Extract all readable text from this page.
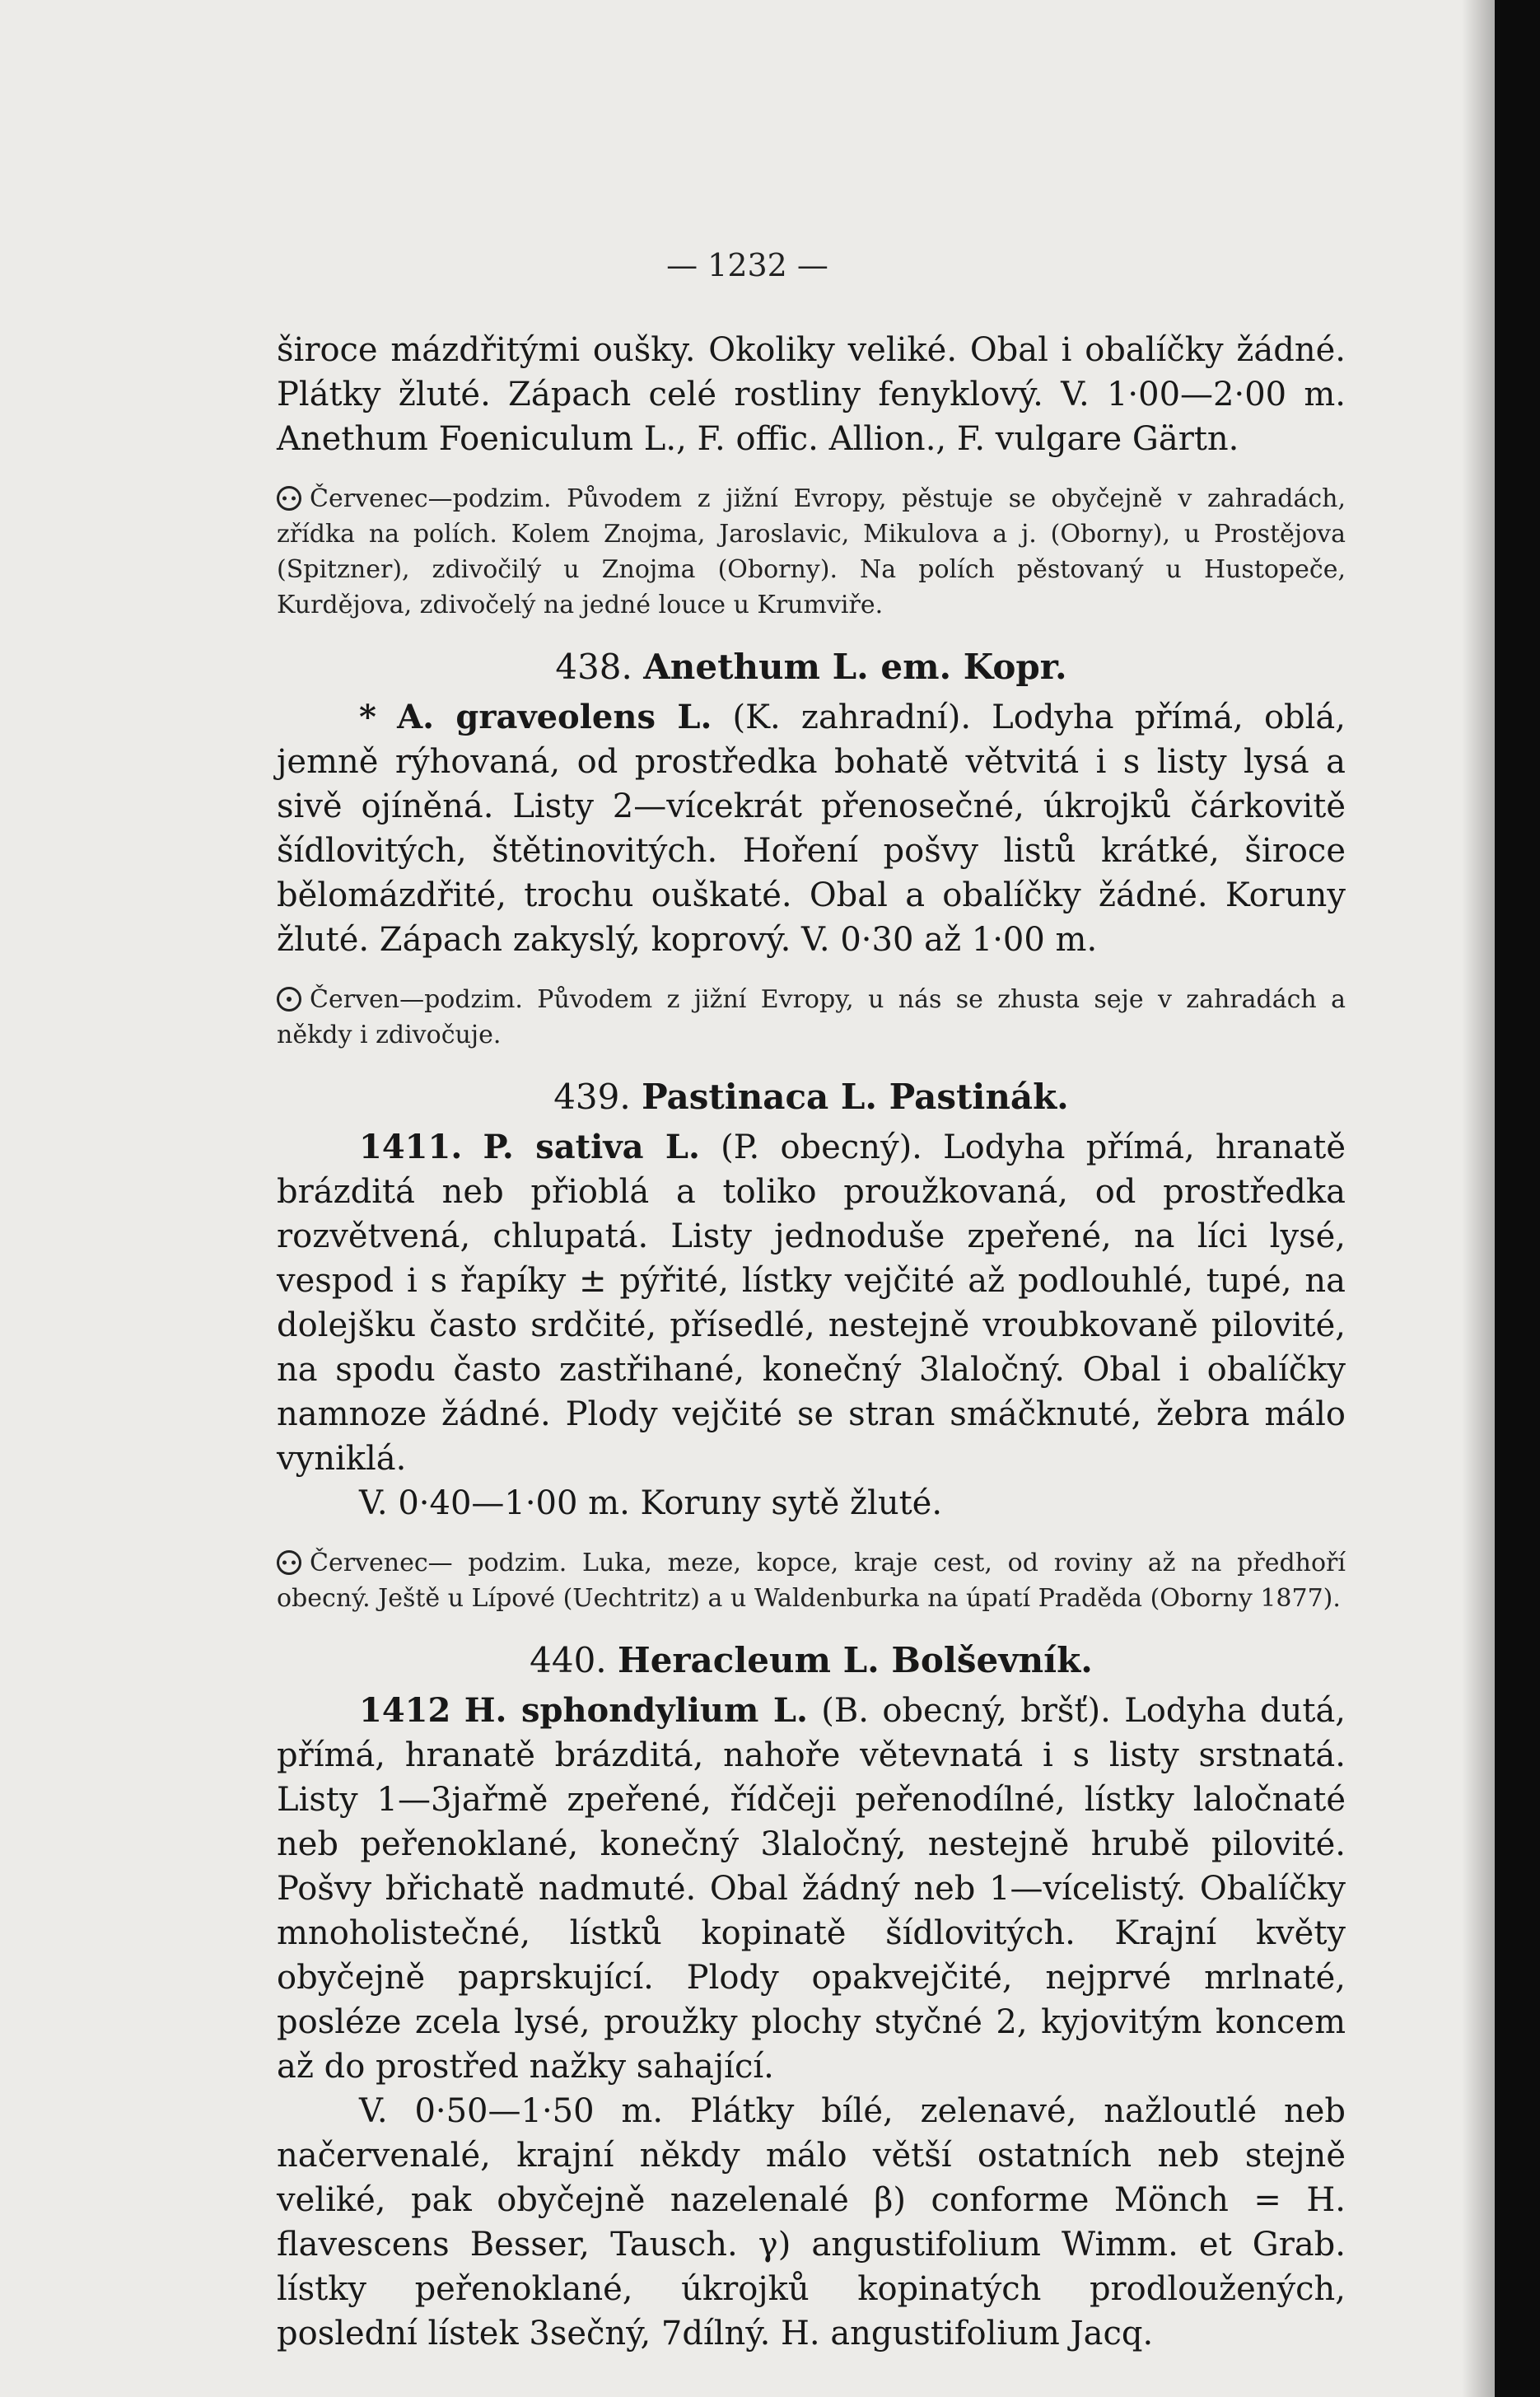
— 1232 —

široce mázdřitými oušky. Okoliky veliké. Obal i obalíčky žádné. Plátky žluté. Zápach celé rostliny fenyklový. V. 1·00—2·00 m. Anethum Foeniculum L., F. offic. Allion., F. vulgare Gärtn.

Červenec—podzim. Původem z jižní Evropy, pěstuje se obyčejně v zahradách, zřídka na polích. Kolem Znojma, Jaroslavic, Mikulova a j. (Oborny), u Prostějova (Spitzner), zdivočilý u Znojma (Oborny). Na polích pěstovaný u Hustopeče, Kurdějova, zdivočelý na jedné louce u Krumviře.

438. Anethum L. em. Kopr.

* A. graveolens L. (K. zahradní). Lodyha přímá, oblá, jemně rýhovaná, od prostředka bohatě větvitá i s listy lysá a sivě ojíněná. Listy 2—vícekrát přenosečné, úkrojků čárkovitě šídlovitých, štětinovitých. Hoření pošvy listů krátké, široce bělomázdřité, trochu ouškaté. Obal a obalíčky žádné. Koruny žluté. Zápach zakyslý, koprový. V. 0·30 až 1·00 m.

Červen—podzim. Původem z jižní Evropy, u nás se zhusta seje v zahradách a někdy i zdivočuje.

439. Pastinaca L. Pastinák.

1411. P. sativa L. (P. obecný). Lodyha přímá, hranatě brázditá neb přioblá a toliko proužkovaná, od prostředka rozvětvená, chlupatá. Listy jednoduše zpeřené, na líci lysé, vespod i s řapíky ± pýřité, lístky vejčité až podlouhlé, tupé, na dolejšku často srdčité, přísedlé, nestejně vroubkovaně pilovité, na spodu často zastřihané, konečný 3laločný. Obal i obalíčky namnoze žádné. Plody vejčité se stran smáčknuté, žebra málo vyniklá.

V. 0·40—1·00 m. Koruny sytě žluté.

Červenec— podzim. Luka, meze, kopce, kraje cest, od roviny až na předhoří obecný. Ještě u Lípové (Uechtritz) a u Waldenburka na úpatí Praděda (Oborny 1877).

440. Heracleum L. Bolševník.

1412 H. sphondylium L. (B. obecný, bršť). Lodyha dutá, přímá, hranatě brázditá, nahoře větevnatá i s listy srstnatá. Listy 1—3jařmě zpeřené, řídčeji peřenodílné, lístky laločnaté neb peřenoklané, konečný 3laločný, nestejně hrubě pilovité. Pošvy břichatě nadmuté. Obal žádný neb 1—vícelistý. Obalíčky mnoholistečné, lístků kopinatě šídlovitých. Krajní květy obyčejně paprskující. Plody opakvejčité, nejprvé mrlnaté, posléze zcela lysé, proužky plochy styčné 2, kyjovitým koncem až do prostřed nažky sahající.

V. 0·50—1·50 m. Plátky bílé, zelenavé, nažloutlé neb načervenalé, krajní někdy málo větší ostatních neb stejně veliké, pak obyčejně nazelenalé β) conforme Mönch = H. flavescens Besser, Tausch. γ) angustifolium Wimm. et Grab. lístky peřenoklané, úkrojků kopinatých prodloužených, poslední lístek 3sečný, 7dílný. H. angustifolium Jacq.
